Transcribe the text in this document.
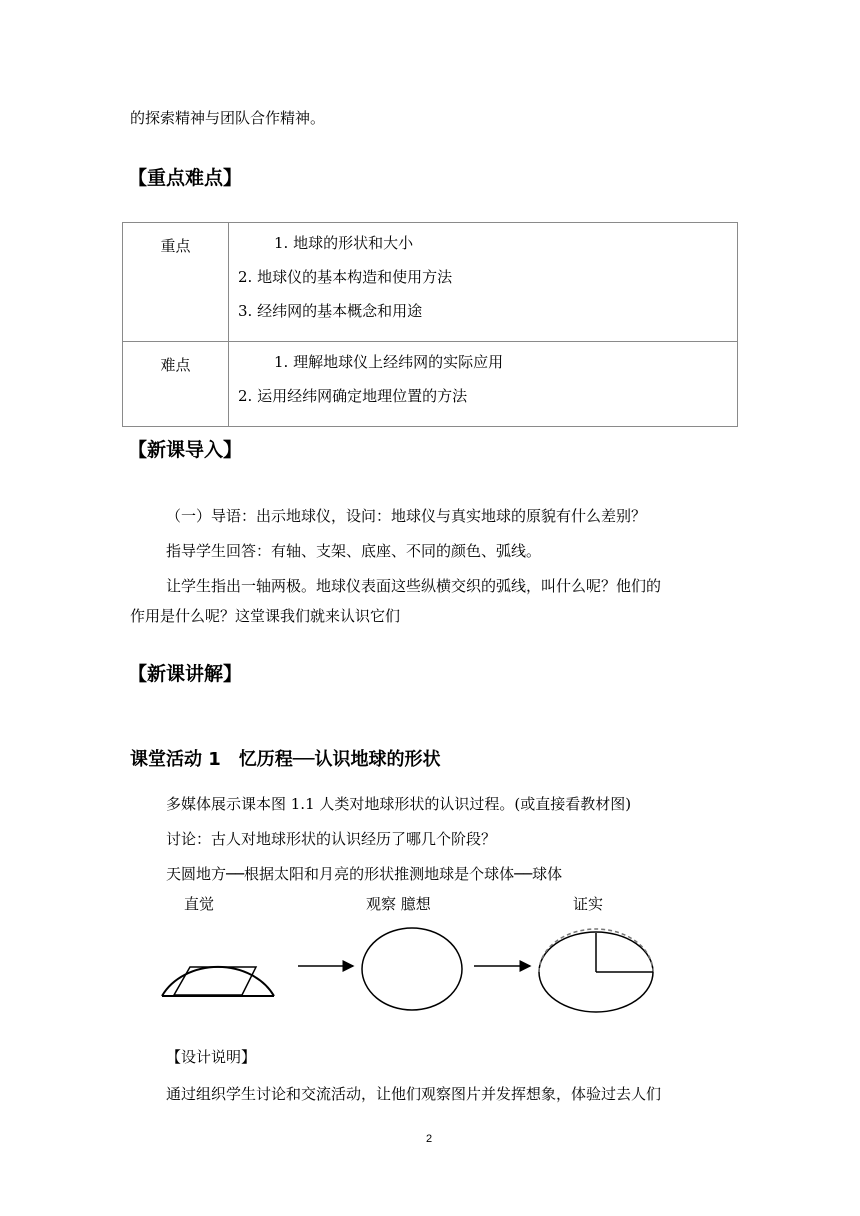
的探索精神与团队合作精神。
【重点难点】
重点	1. 地球的形状和大小
2. 地球仪的基本构造和使用方法
3. 经纬网的基本概念和用途

难点	1. 理解地球仪上经纬网的实际应用
2. 运用经纬网确定地理位置的方法
【新课导入】
（一）导语：出示地球仪，设问：地球仪与真实地球的原貌有什么差别？
指导学生回答：有轴、支架、底座、不同的颜色、弧线。
让学生指出一轴两极。地球仪表面这些纵横交织的弧线，叫什么呢？他们的
作用是什么呢？这堂课我们就来认识它们
【新课讲解】
课堂活动 1　忆历程──认识地球的形状
多媒体展示课本图 1.1 人类对地球形状的认识过程。(或直接看教材图)
讨论：古人对地球形状的认识经历了哪几个阶段？
天圆地方──根据太阳和月亮的形状推测地球是个球体──球体
直觉	观察 臆想	证实
【设计说明】
通过组织学生讨论和交流活动，让他们观察图片并发挥想象，体验过去人们
2
